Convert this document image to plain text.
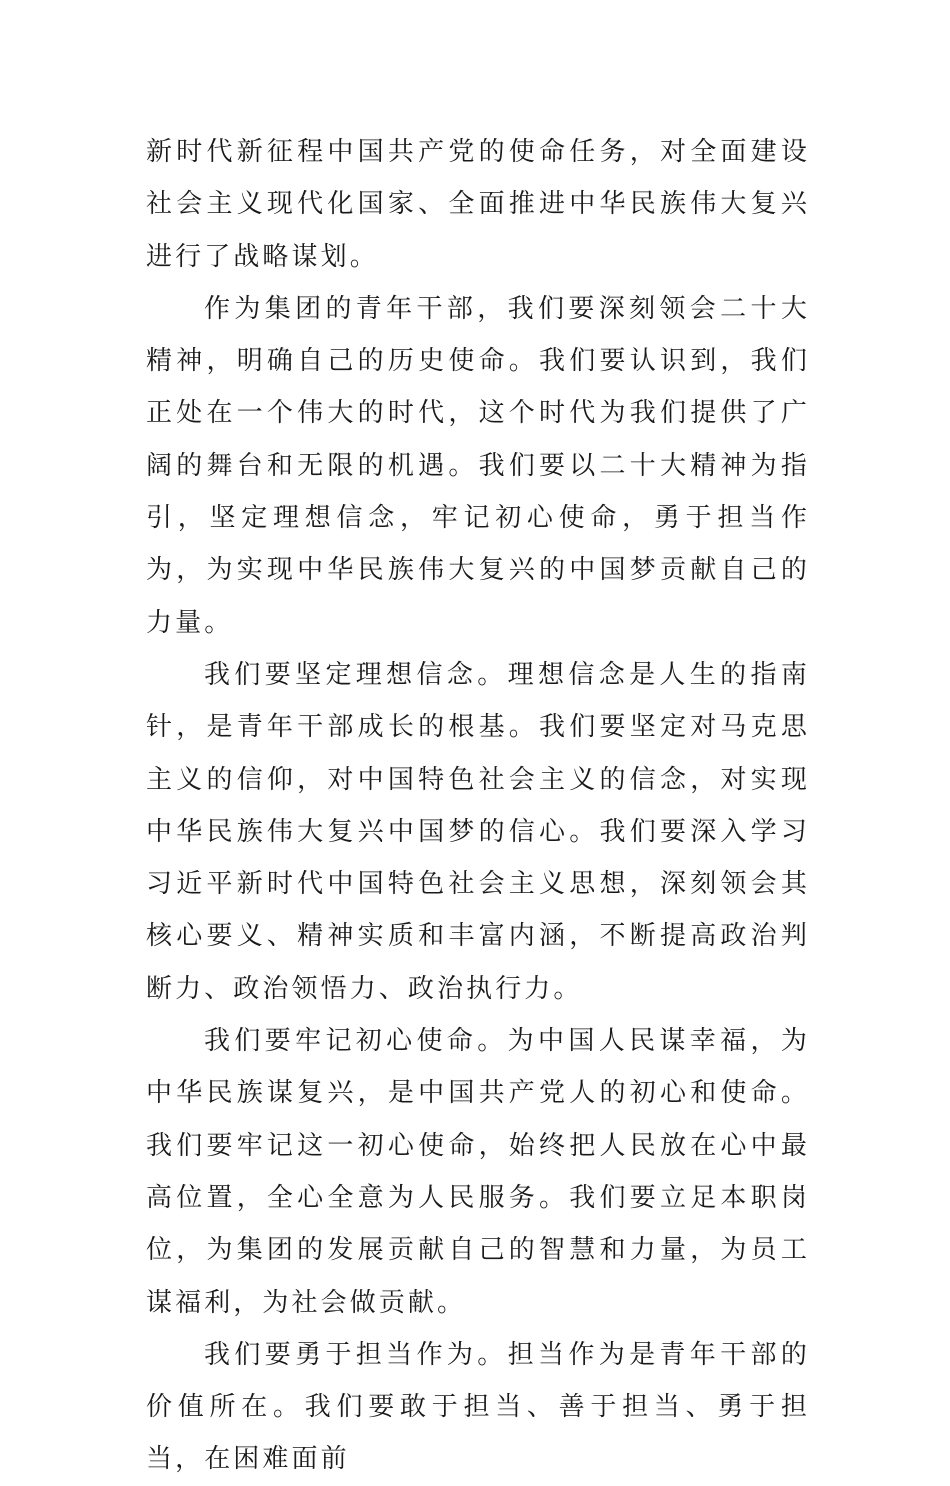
新时代新征程中国共产党的使命任务，对全面建设社会主义现代化国家、全面推进中华民族伟大复兴进行了战略谋划。

作为集团的青年干部，我们要深刻领会二十大精神，明确自己的历史使命。我们要认识到，我们正处在一个伟大的时代，这个时代为我们提供了广阔的舞台和无限的机遇。我们要以二十大精神为指引，坚定理想信念，牢记初心使命，勇于担当作为，为实现中华民族伟大复兴的中国梦贡献自己的力量。

我们要坚定理想信念。理想信念是人生的指南针，是青年干部成长的根基。我们要坚定对马克思主义的信仰，对中国特色社会主义的信念，对实现中华民族伟大复兴中国梦的信心。我们要深入学习习近平新时代中国特色社会主义思想，深刻领会其核心要义、精神实质和丰富内涵，不断提高政治判断力、政治领悟力、政治执行力。

我们要牢记初心使命。为中国人民谋幸福，为中华民族谋复兴，是中国共产党人的初心和使命。我们要牢记这一初心使命，始终把人民放在心中最高位置，全心全意为人民服务。我们要立足本职岗位，为集团的发展贡献自己的智慧和力量，为员工谋福利，为社会做贡献。

我们要勇于担当作为。担当作为是青年干部的价值所在。我们要敢于担当、善于担当、勇于担当，在困难面前
